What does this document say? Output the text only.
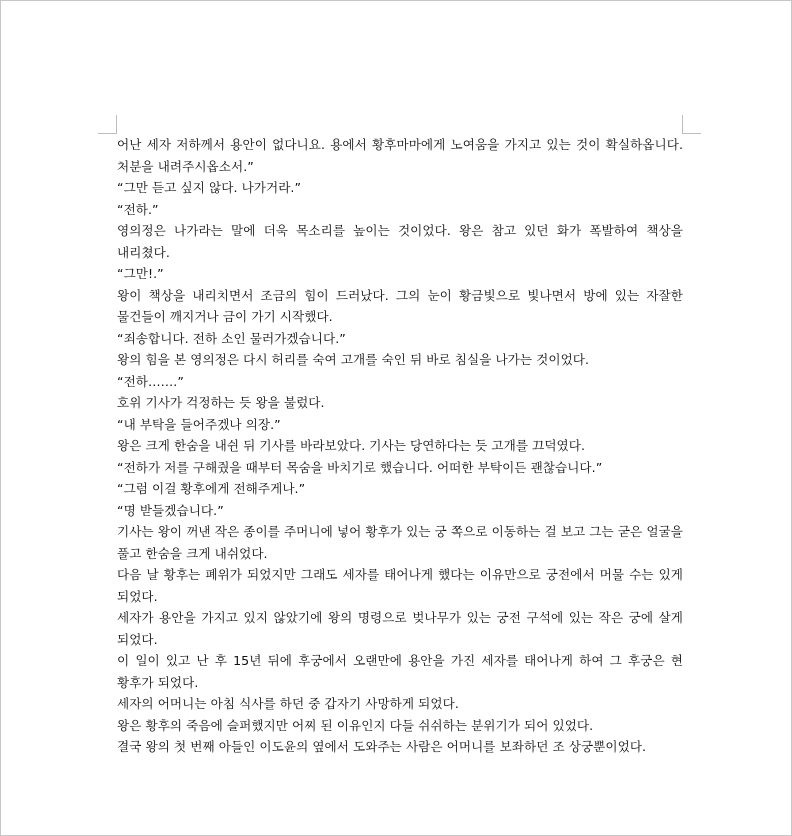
어난 세자 저하께서 용안이 없다니요. 용에서 황후마마에게 노여움을 가지고 있는 것이 확실하옵니다. 처분을 내려주시옵소서.”

“그만 듣고 싶지 않다. 나가거라.”

“전하.”

영의정은 나가라는 말에 더욱 목소리를 높이는 것이었다. 왕은 참고 있던 화가 폭발하여 책상을 내리쳤다.

“그만!.”

왕이 책상을 내리치면서 조금의 힘이 드러났다. 그의 눈이 황금빛으로 빛나면서 방에 있는 자잘한 물건들이 깨지거나 금이 가기 시작했다.

“죄송합니다. 전하 소인 물러가겠습니다.”

왕의 힘을 본 영의정은 다시 허리를 숙여 고개를 숙인 뒤 바로 침실을 나가는 것이었다.

“전하…….”

호위 기사가 걱정하는 듯 왕을 불렀다.

“내 부탁을 들어주겠나 의장.”

왕은 크게 한숨을 내쉰 뒤 기사를 바라보았다. 기사는 당연하다는 듯 고개를 끄덕였다.

“전하가 저를 구해줬을 때부터 목숨을 바치기로 했습니다. 어떠한 부탁이든 괜찮습니다.”

“그럼 이걸 황후에게 전해주게나.”

“명 받들겠습니다.”

기사는 왕이 꺼낸 작은 종이를 주머니에 넣어 황후가 있는 궁 쪽으로 이동하는 걸 보고 그는 굳은 얼굴을 풀고 한숨을 크게 내쉬었다.

다음 날 황후는 폐위가 되었지만 그래도 세자를 태어나게 했다는 이유만으로 궁전에서 머물 수는 있게 되었다.

세자가 용안을 가지고 있지 않았기에 왕의 명령으로 벚나무가 있는 궁전 구석에 있는 작은 궁에 살게 되었다.

이 일이 있고 난 후 15년 뒤에 후궁에서 오랜만에 용안을 가진 세자를 태어나게 하여 그 후궁은 현 황후가 되었다.

세자의 어머니는 아침 식사를 하던 중 갑자기 사망하게 되었다.

왕은 황후의 죽음에 슬퍼했지만 어찌 된 이유인지 다들 쉬쉬하는 분위기가 되어 있었다.

결국 왕의 첫 번째 아들인 이도윤의 옆에서 도와주는 사람은 어머니를 보좌하던 조 상궁뿐이었다.
